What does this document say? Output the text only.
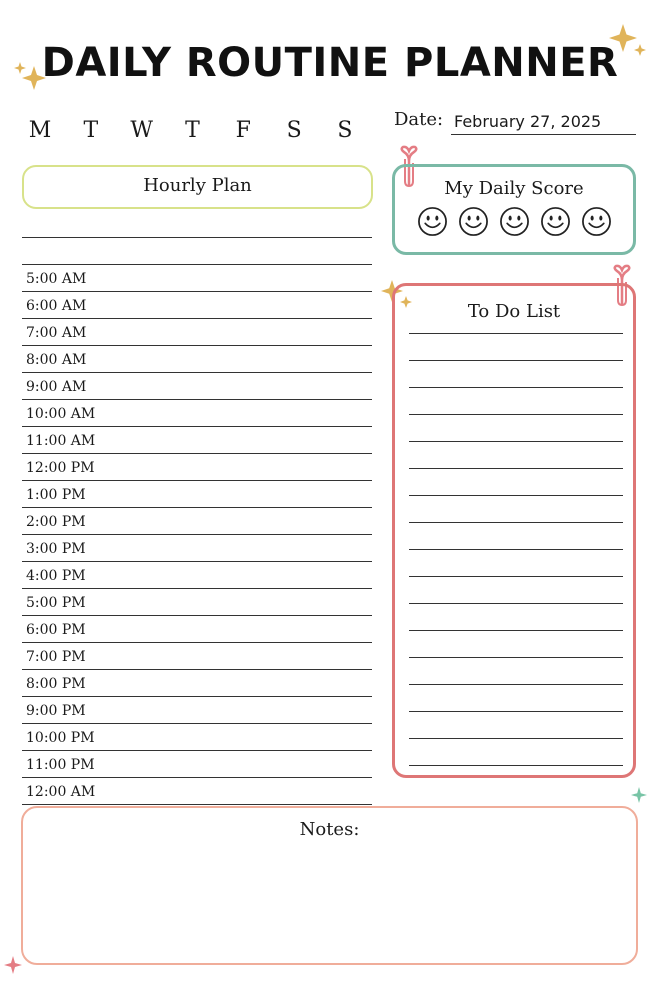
DAILY ROUTINE PLANNER
M	T	W	T	F	S	S	Date: February 27, 2025
Hourly Plan
5:00 AM
6:00 AM
7:00 AM
8:00 AM
9:00 AM
10:00 AM
11:00 AM
12:00 PM
1:00 PM
2:00 PM
3:00 PM
4:00 PM
5:00 PM
6:00 PM
7:00 PM
8:00 PM
9:00 PM
10:00 PM
11:00 PM
12:00 AM
My Daily Score
To Do List
Notes:
